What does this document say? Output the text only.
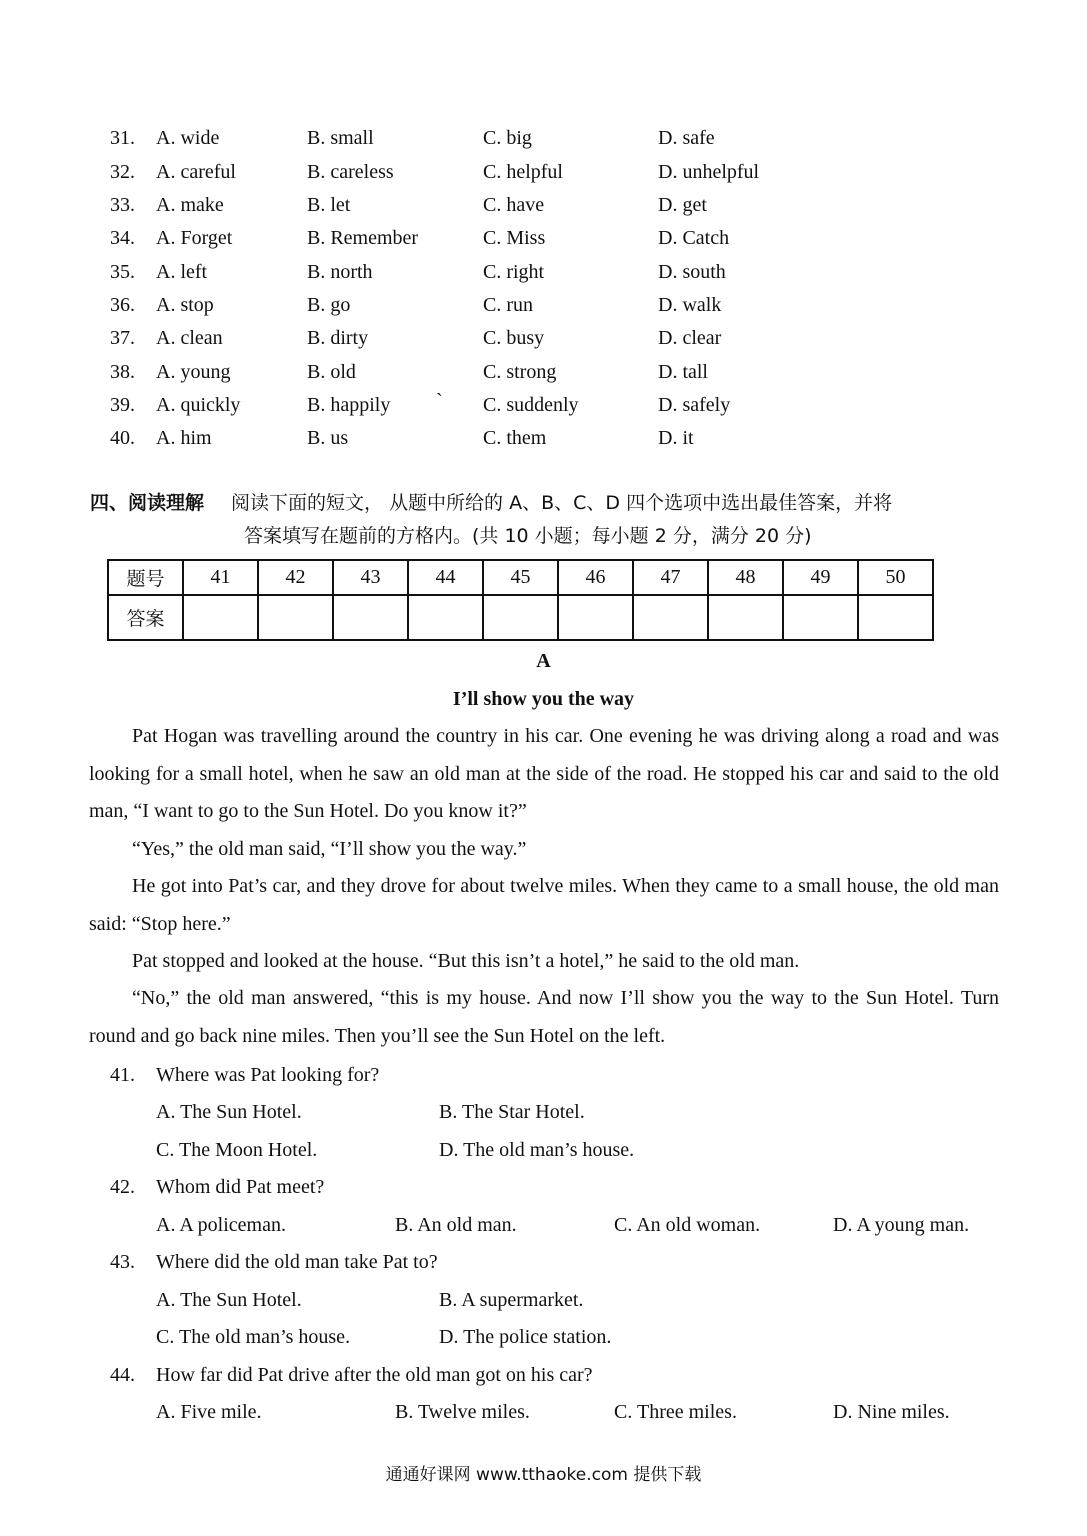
31. A. wide	B. small	C. big	D. safe
32. A. careful	B. careless	C. helpful	D. unhelpful
33. A. make	B. let	C. have	D. get
34. A. Forget	B. Remember	C. Miss	D. Catch
35. A. left	B. north	C. right	D. south
36. A. stop	B. go	C. run	D. walk
37. A. clean	B. dirty	C. busy	D. clear
38. A. young	B. old	C. strong	D. tall
39. A. quickly	B. happily ` C. suddenly	D. safely
40. A. him	B. us	C. them	D. it
四、阅读理解 阅读下面的短文， 从题中所给的 A、B、C、D 四个选项中选出最佳答案，并将
答案填写在题前的方格内。(共 10 小题；每小题 2 分，满分 20 分)
题号	41	42	43	44	45	46	47	48	49	50
答案										
A
I’ll show you the way
Pat Hogan was travelling around the country in his car. One evening he was driving along a road and was looking for a small hotel, when he saw an old man at the side of the road. He stopped his car and said to the old man, “I want to go to the Sun Hotel. Do you know it?”
“Yes,” the old man said, “I’ll show you the way.”
He got into Pat’s car, and they drove for about twelve miles. When they came to a small house, the old man said: “Stop here.”
Pat stopped and looked at the house. “But this isn’t a hotel,” he said to the old man.
“No,” the old man answered, “this is my house. And now I’ll show you the way to the Sun Hotel. Turn round and go back nine miles. Then you’ll see the Sun Hotel on the left.
41. Where was Pat looking for?
A. The Sun Hotel.	B. The Star Hotel.
C. The Moon Hotel.	D. The old man’s house.
42. Whom did Pat meet?
A. A policeman.	B. An old man.	C. An old woman.	D. A young man.
43. Where did the old man take Pat to?
A. The Sun Hotel.	B. A supermarket.
C. The old man’s house.	D. The police station.
44. How far did Pat drive after the old man got on his car?
A. Five mile.	B. Twelve miles.	C. Three miles.	D. Nine miles.
通通好课网 www.tthaoke.com 提供下载
